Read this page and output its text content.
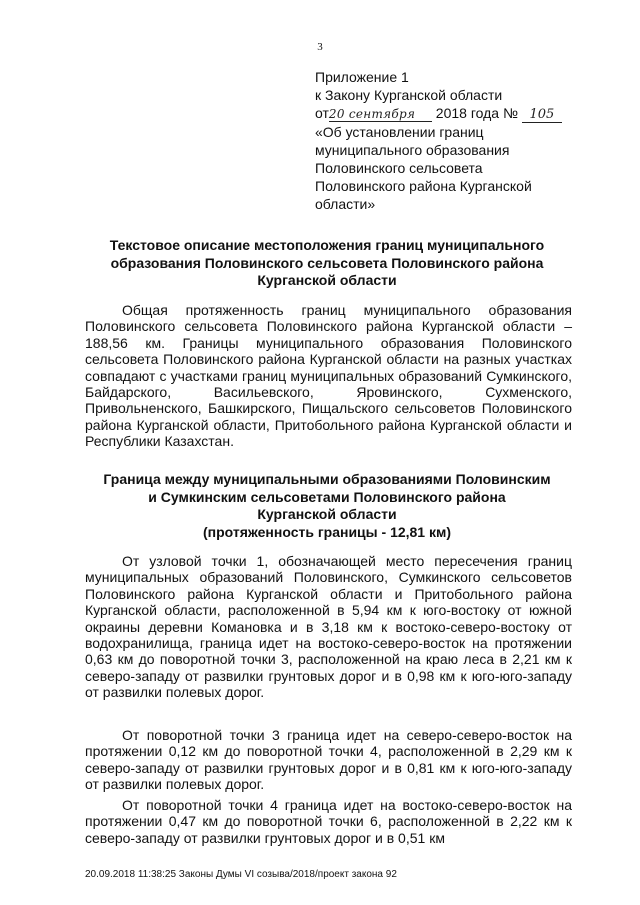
3
Приложение 1
к Закону Курганской области
от20 сентября 2018 года № 105
«Об установлении границ
муниципального образования
Половинского сельсовета
Половинского района Курганской
области»
Текстовое описание местоположения границ муниципального образования Половинского сельсовета Половинского района Курганской области
Общая протяженность границ муниципального образования Половинского сельсовета Половинского района Курганской области – 188,56 км. Границы муниципального образования Половинского сельсовета Половинского района Курганской области на разных участках совпадают с участками границ муниципальных образований Сумкинского, Байдарского, Васильевского, Яровинского, Сухменского, Привольненского, Башкирского, Пищальского сельсоветов Половинского района Курганской области, Притобольного района Курганской области и Республики Казахстан.
Граница между муниципальными образованиями Половинским
и Сумкинским сельсоветами Половинского района
Курганской области
(протяженность границы - 12,81 км)
От узловой точки 1, обозначающей место пересечения границ муниципальных образований Половинского, Сумкинского сельсоветов Половинского района Курганской области и Притобольного района Курганской области, расположенной в 5,94 км к юго-востоку от южной окраины деревни Комановка и в 3,18 км к востоко-северо-востоку от водохранилища, граница идет на востоко-северо-восток на протяжении 0,63 км до поворотной точки 3, расположенной на краю леса в 2,21 км к северо-западу от развилки грунтовых дорог и в 0,98 км к юго-юго-западу от развилки полевых дорог.
От поворотной точки 3 граница идет на северо-северо-восток на протяжении 0,12 км до поворотной точки 4, расположенной в 2,29 км к северо-западу от развилки грунтовых дорог и в 0,81 км к юго-юго-западу от развилки полевых дорог.
От поворотной точки 4 граница идет на востоко-северо-восток на протяжении 0,47 км до поворотной точки 6, расположенной в 2,22 км к северо-западу от развилки грунтовых дорог и в 0,51 км
20.09.2018 11:38:25 Законы Думы VI созыва/2018/проект закона 92
